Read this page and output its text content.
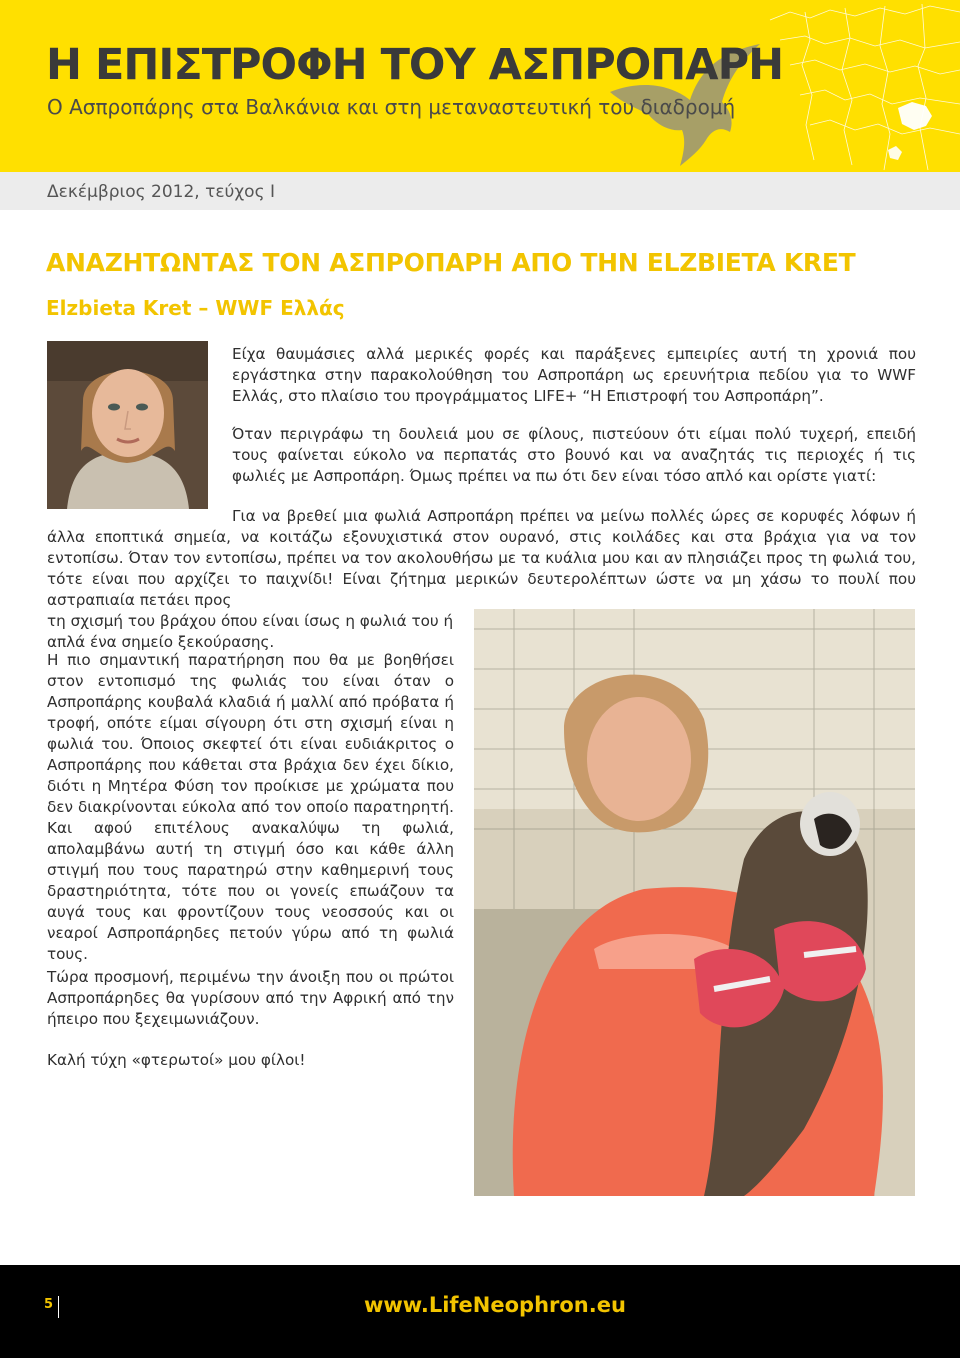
Η ΕΠΙΣΤΡΟΦΗ ΤΟΥ ΑΣΠΡΟΠΑΡΗ

Ο Ασπροπάρης στα Βαλκάνια και στη μεταναστευτική του διαδρομή

Δεκέμβριος 2012, τεύχος Ι
ΑΝΑΖΗΤΩΝΤΑΣ ΤΟΝ ΑΣΠΡΟΠΑΡΗ ΑΠΟ ΤΗΝ ELZBIETA KRET
Elzbieta Kret – WWF Ελλάς

Είχα θαυμάσιες αλλά μερικές φορές και παράξενες εμπειρίες αυτή τη χρονιά που εργάστηκα στην παρακολούθηση του Ασπροπάρη ως ερευνήτρια πεδίου για το WWF Ελλάς, στο πλαίσιο του προγράμματος LIFE+ “Η Επιστροφή του Ασπροπάρη”.

Όταν περιγράφω τη δουλειά μου σε φίλους, πιστεύουν ότι είμαι πολύ τυχερή, επειδή τους φαίνεται εύκολο να περπατάς στο βουνό και να αναζητάς τις περιοχές ή τις φωλιές με Ασπροπάρη. Όμως πρέπει να πω ότι δεν είναι τόσο απλό και ορίστε γιατί:

Για να βρεθεί μια φωλιά Ασπροπάρη πρέπει να μείνω πολλές ώρες σε κορυφές λόφων ή άλλα εποπτικά σημεία, να κοιτάζω εξονυχιστικά στον ουρανό, στις κοιλάδες και στα βράχια για να τον εντοπίσω. Όταν τον εντοπίσω, πρέπει να τον ακολουθήσω με τα κυάλια μου και αν πλησιάζει προς τη φωλιά του, τότε είναι που αρχίζει το παιχνίδι! Είναι ζήτημα μερικών δευτερολέπτων ώστε να μη χάσω το πουλί που αστραπιαία πετάει προς

Η πιο σημαντική παρατήρηση που θα με βοηθήσει στον εντοπισμό της φωλιάς του είναι όταν ο Ασπροπάρης κουβαλά κλαδιά ή μαλλί από πρόβατα ή τροφή, οπότε είμαι σίγουρη ότι στη σχισμή είναι η φωλιά του. Όποιος σκεφτεί ότι είναι ευδιάκριτος ο Ασπροπάρης που κάθεται στα βράχια δεν έχει δίκιο, διότι η Μητέρα Φύση τον προίκισε με χρώματα που δεν διακρίνονται εύκολα από τον οποίο παρατηρητή. Και αφού επιτέλους ανακαλύψω τη φωλιά, απολαμβάνω αυτή τη στιγμή όσο και κάθε άλλη στιγμή που τους παρατηρώ στην καθημερινή τους δραστηριότητα, τότε που οι γονείς επωάζουν τα αυγά τους και φροντίζουν τους νεοσσούς και οι νεαροί Ασπροπάρηδες πετούν γύρω από τη φωλιά τους.

Τώρα προσμονή, περιμένω την άνοιξη που οι πρώτοι Ασπροπάρηδες θα γυρίσουν από την Αφρική από την ήπειρο που ξεχειμωνιάζουν.

Καλή τύχη «φτερωτοί» μου φίλοι!

5	www.LifeNeophron.eu

τη σχισμή του βράχου όπου είναι ίσως η φωλιά του ή απλά ένα σημείο ξεκούρασης.
